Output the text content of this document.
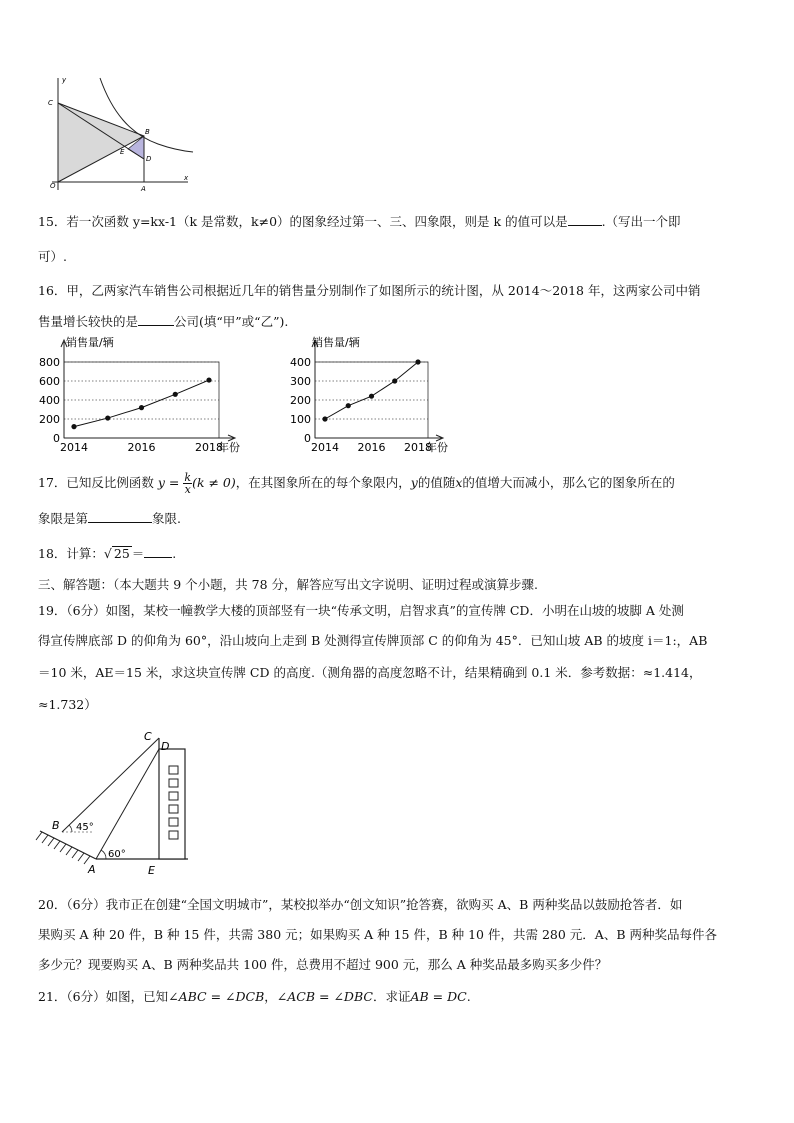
y
x
O
C
B
E
D
A
15．若一次函数 y=kx-1（k 是常数，k≠0）的图象经过第一、三、四象限，则是 k 的值可以是	.（写出一个即
可）.
16．甲，乙两家汽车销售公司根据近几年的销售量分别制作了如图所示的统计图，从 2014～2018 年，这两家公司中销
售量增长较快的是	公司(填“甲”或“乙”).
0
200
400
600
800
销售量/辆
年份
2014	2016	2018
0
100
200
300
400
销售量/辆
年份
2014 2016 2018
17．已知反比例函数 $y = \frac{k}{x} (k \ne 0)$，在其图象所在的每个象限内，y的值随x的值增大而减小，那么它的图象所在的
象限是第	象限.
18．计算：√ 25 ＝ .
三、解答题：（本大题共 9 个小题，共 78 分，解答应写出文字说明、证明过程或演算步骤.
19．（6分）如图，某校一幢教学大楼的顶部竖有一块“传承文明，启智求真”的宣传牌 CD．小明在山坡的坡脚 A 处测
得宣传牌底部 D 的仰角为 60°，沿山坡向上走到 B 处测得宣传牌顶部 C 的仰角为 45°．已知山坡 AB 的坡度 i＝1:，AB
＝10 米，AE＝15 米，求这块宣传牌 CD 的高度.（测角器的高度忽略不计，结果精确到 0.1 米．参考数据：≈1.414，
≈1.732）
C
D
B
A	E
45°
60°
20．（6分）我市正在创建“全国文明城市”，某校拟举办“创文知识”抢答赛，欲购买 A、B 两种奖品以鼓励抢答者．如
果购买 A 种 20 件，B 种 15 件，共需 380 元；如果购买 A 种 15 件，B 种 10 件，共需 280 元．A、B 两种奖品每件各
多少元？现要购买 A、B 两种奖品共 100 件，总费用不超过 900 元，那么 A 种奖品最多购买多少件？
21．（6分）如图，已知∠ABC = ∠DCB，∠ACB = ∠DBC．求证AB = DC.
